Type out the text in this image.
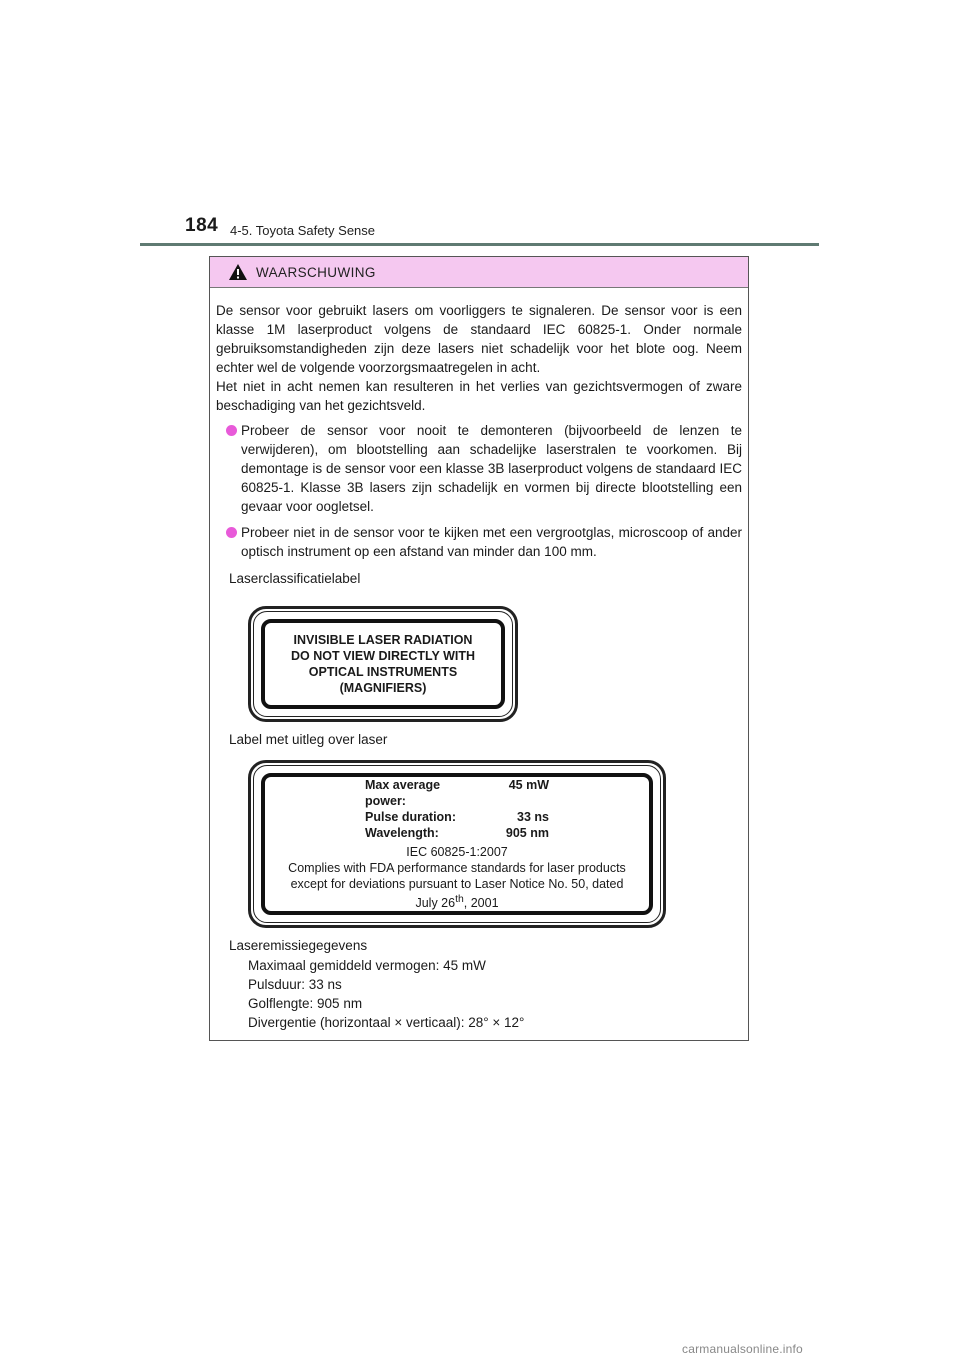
184 4-5. Toyota Safety Sense
WAARSCHUWING

De sensor voor gebruikt lasers om voorliggers te signaleren. De sensor voor is een klasse 1M laserproduct volgens de standaard IEC 60825-1. Onder normale gebruiksomstandigheden zijn deze lasers niet schadelijk voor het blote oog. Neem echter wel de volgende voorzorgsmaatregelen in acht.

Het niet in acht nemen kan resulteren in het verlies van gezichtsvermogen of zware beschadiging van het gezichtsveld.

Probeer de sensor voor nooit te demonteren (bijvoorbeeld de lenzen te verwijderen), om blootstelling aan schadelijke laserstralen te voorkomen. Bij demontage is de sensor voor een klasse 3B laserproduct volgens de standaard IEC 60825-1. Klasse 3B lasers zijn schadelijk en vormen bij directe blootstelling een gevaar voor oogletsel.
Probeer niet in de sensor voor te kijken met een vergrootglas, microscoop of ander optisch instrument op een afstand van minder dan 100 mm.
Laserclassificatielabel
INVISIBLE LASER RADIATION
DO NOT VIEW DIRECTLY WITH
OPTICAL INSTRUMENTS
(MAGNIFIERS)
Label met uitleg over laser
Max average power:
45 mW
Pulse duration:	33 ns
Wavelength:	905 nm
IEC 60825-1:2007
Complies with FDA performance standards for laser products
except for deviations pursuant to Laser Notice No. 50, dated
July 26th, 2001
Laseremissiegegevens
Maximaal gemiddeld vermogen: 45 mW
Pulsduur: 33 ns
Golflengte: 905 nm
Divergentie (horizontaal × verticaal): 28° × 12°
carmanualsonline.info
